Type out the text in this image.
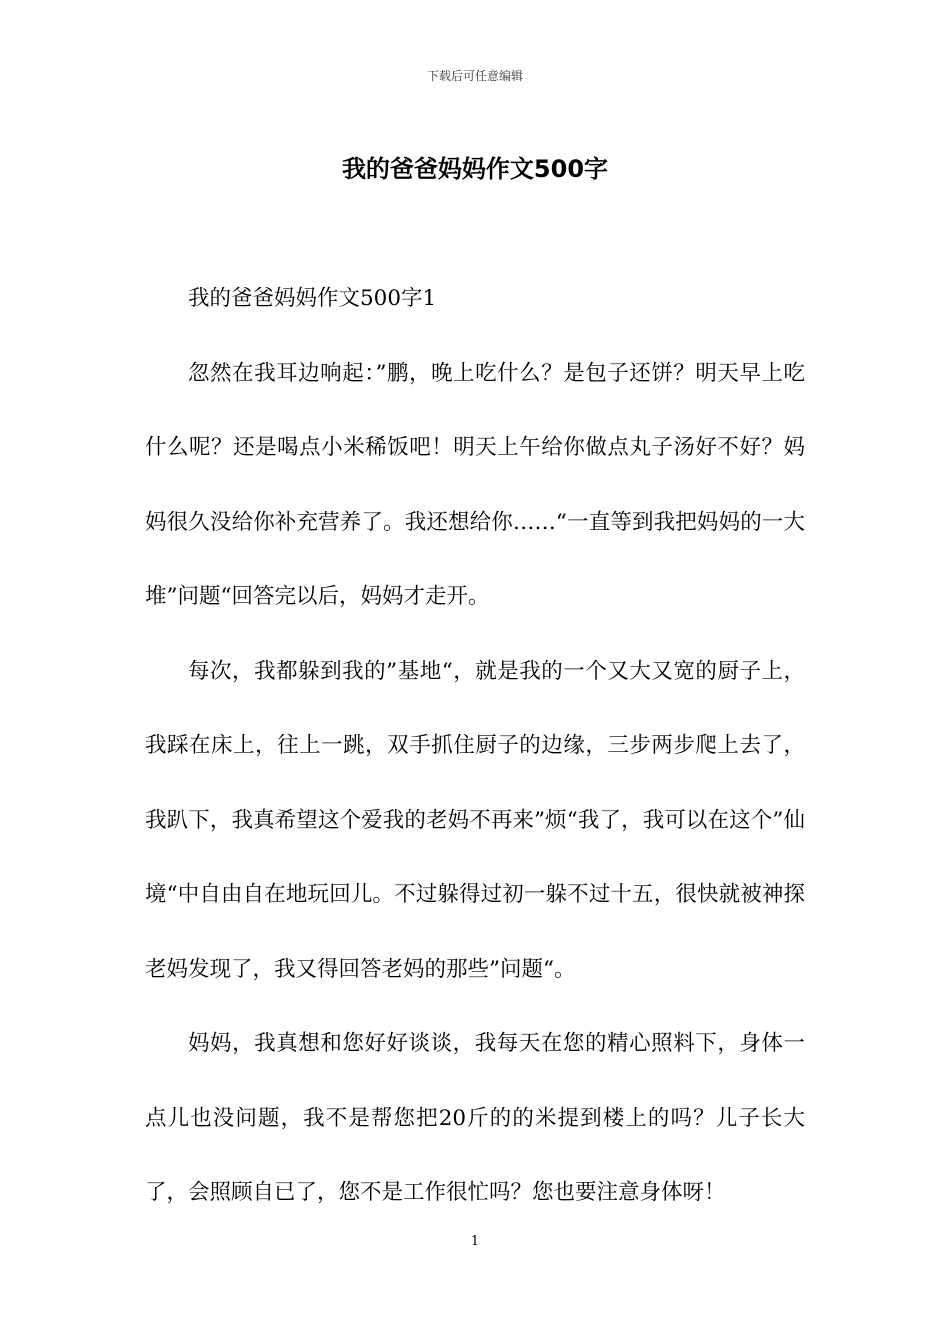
下载后可任意编辑
我的爸爸妈妈作文500字

我的爸爸妈妈作文500字1

忽然在我耳边响起：”鹏，晚上吃什么？是包子还饼？明天早上吃什么呢？还是喝点小米稀饭吧！明天上午给你做点丸子汤好不好？妈妈很久没给你补充营养了。我还想给你……“一直等到我把妈妈的一大堆”问题“回答完以后，妈妈才走开。

每次，我都躲到我的”基地“，就是我的一个又大又宽的厨子上，我踩在床上，往上一跳，双手抓住厨子的边缘，三步两步爬上去了，我趴下，我真希望这个爱我的老妈不再来”烦“我了，我可以在这个”仙境“中自由自在地玩回儿。不过躲得过初一躲不过十五，很快就被神探老妈发现了，我又得回答老妈的那些”问题“。

妈妈，我真想和您好好谈谈，我每天在您的精心照料下，身体一点儿也没问题，我不是帮您把20斤的的米提到楼上的吗？儿子长大了，会照顾自已了，您不是工作很忙吗？您也要注意身体呀！

1
